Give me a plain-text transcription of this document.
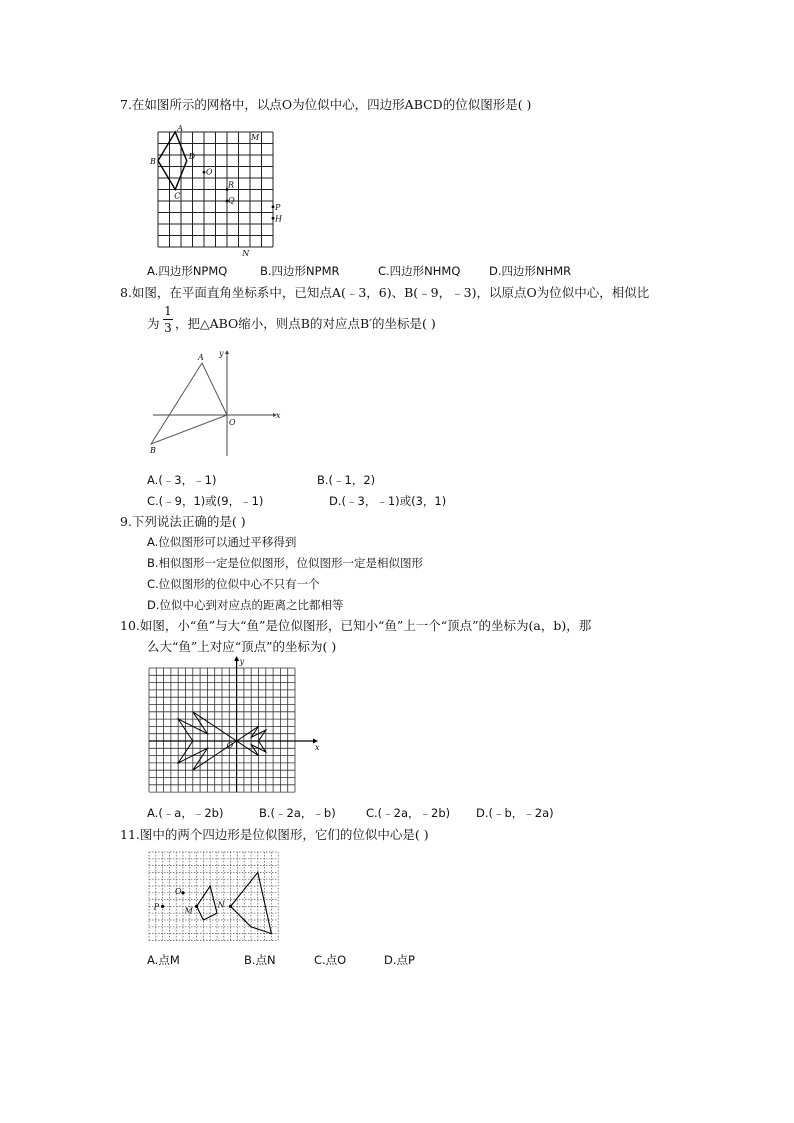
7.在如图所示的网格中，以点O为位似中心，四边形ABCD的位似图形是( )
A
B
C
D
O
R
Q
M
P
H
N
A.四边形NPMQ	B.四边形NPMR	C.四边形NHMQ D.四边形NHMR
8.如图，在平面直角坐标系中，已知点A(﹣3，6)、B(﹣9，﹣3)，以原点O为位似中心，相似比
为
1
3 ，把△ABO缩小，则点B的对应点B′的坐标是( )
A
B
O
x
y
A.(﹣3，﹣1)	B.(﹣1，2)
C.(﹣9，1)或(9，﹣1)	D.(﹣3，﹣1)或(3，1)
9.下列说法正确的是( )
A.位似图形可以通过平移得到
B.相似图形一定是位似图形，位似图形一定是相似图形
C.位似图形的位似中心不只有一个
D.位似中心到对应点的距离之比都相等
10.如图，小“鱼”与大“鱼”是位似图形，已知小“鱼”上一个“顶点”的坐标为(a，b)，那
么大“鱼”上对应“顶点”的坐标为( )
O	x
y
A.(﹣a，﹣2b)	B.(﹣2a，﹣b)	C.(﹣2a，﹣2b) D.(﹣b，﹣2a)
11.图中的两个四边形是位似图形，它们的位似中心是( )
P
O
M
N
A.点M	B.点N	C.点O	D.点P
